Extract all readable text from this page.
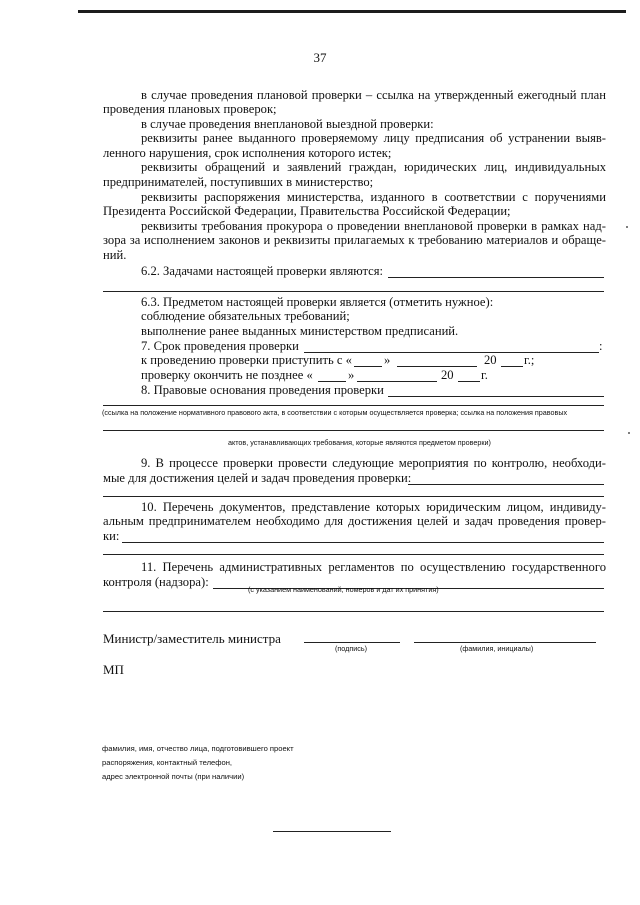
37
в случае проведения плановой проверки – ссылка на утвержденный ежегодный план
проведения плановых проверок;
в случае проведения внеплановой выездной проверки:
реквизиты ранее выданного проверяемому лицу предписания об устранении выяв-
ленного нарушения, срок исполнения которого истек;
реквизиты обращений и заявлений граждан, юридических лиц, индивидуальных
предпринимателей, поступивших в министерство;
реквизиты распоряжения министерства, изданного в соответствии с поручениями
Президента Российской Федерации, Правительства Российской Федерации;
реквизиты требования прокурора о проведении внеплановой проверки в рамках над-
зора за исполнением законов и реквизиты прилагаемых к требованию материалов и обраще-
ний.
6.2. Задачами настоящей проверки являются:
6.3. Предметом настоящей проверки является (отметить нужное):
соблюдение обязательных требований;
выполнение ранее выданных министерством предписаний.
7. Срок проведения проверки	:
к проведению проверки приступить с «	»	20 г.;
проверку окончить не позднее «	»	20 г.
8. Правовые основания проведения проверки
(ссылка на положение нормативного правового акта, в соответствии с которым осуществляется проверка; ссылка на положения правовых
актов, устанавливающих требования, которые являются предметом проверки)
9. В процессе проверки провести следующие мероприятия по контролю, необходи-
мые для достижения целей и задач проведения проверки:
10. Перечень документов, представление которых юридическим лицом, индивиду-
альным предпринимателем необходимо для достижения целей и задач проведения провер-
ки:
11. Перечень административных регламентов по осуществлению государственного
контроля (надзора):
(с указанием наименований, номеров и дат их принятия)
Министр/заместитель министра
(подпись)	(фамилия, инициалы)
МП
фамилия, имя, отчество лица, подготовившего проект
распоряжения, контактный телефон,
адрес электронной почты (при наличии)
